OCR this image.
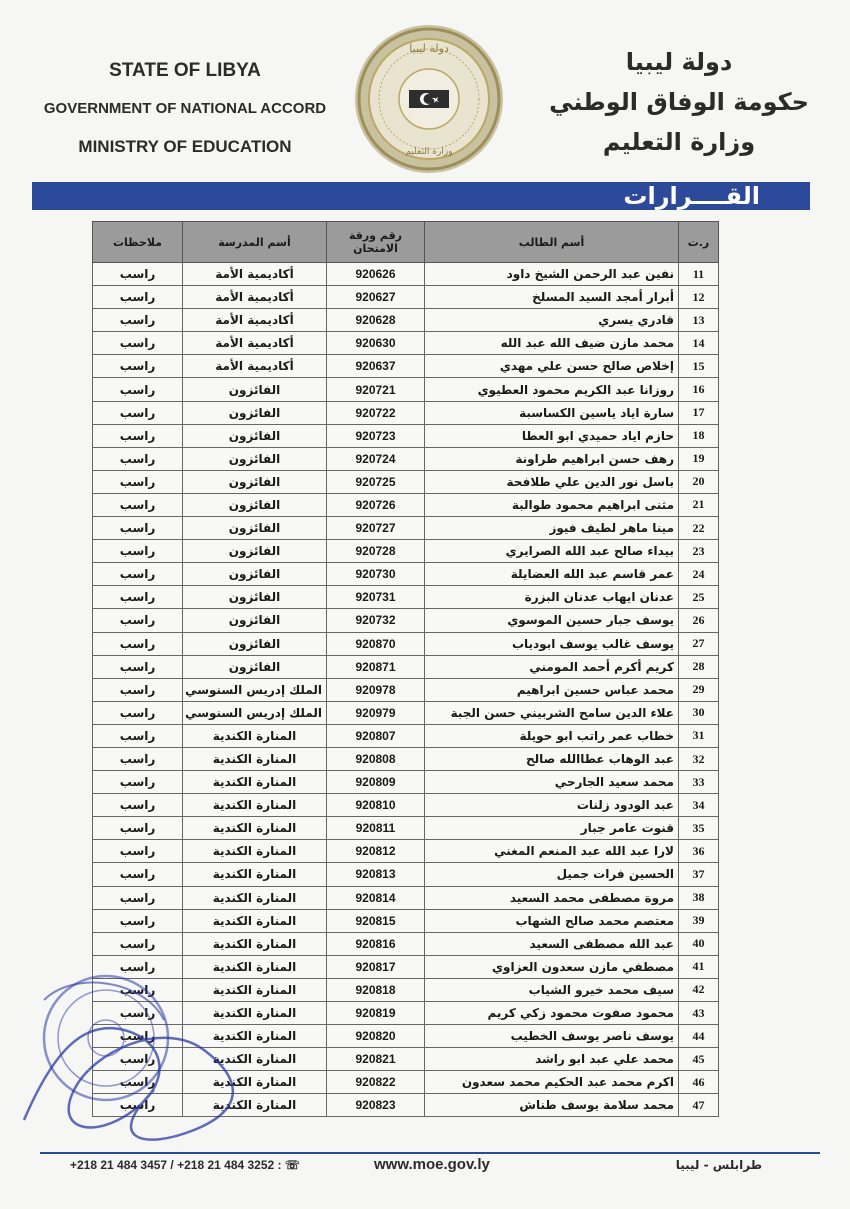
STATE OF LIBYA
GOVERNMENT OF NATIONAL ACCORD
MINISTRY OF EDUCATION
دولة ليبيا
وزارة التعليم
دولة ليبيا
حكومة الوفاق الوطني
وزارة التعليم
القــــرارات
ر.ت	أسم الطالب	رقم ورقة الامتحان	أسم المدرسة	ملاحظات
11	نفين عبد الرحمن الشيخ داود	920626	أكاديمية الأمة	راسب
12	أبرار أمجد السيد المسلخ	920627	أكاديمية الأمة	راسب
13	قادري يسري	920628	أكاديمية الأمة	راسب
14	محمد مازن ضيف الله عبد الله	920630	أكاديمية الأمة	راسب
15	إخلاص صالح حسن علي مهدي	920637	أكاديمية الأمة	راسب
16	روزانا عبد الكريم محمود العطيوي	920721	الفائزون	راسب
17	سارة اياد ياسين الكساسبة	920722	الفائزون	راسب
18	حازم اياد حميدي ابو العطا	920723	الفائزون	راسب
19	رهف حسن ابراهيم طراونة	920724	الفائزون	راسب
20	باسل نور الدين علي طلافحة	920725	الفائزون	راسب
21	مثنى ابراهيم محمود طوالبة	920726	الفائزون	راسب
22	مينا ماهر لطيف فيوز	920727	الفائزون	راسب
23	بيداء صالح عبد الله الصرايري	920728	الفائزون	راسب
24	عمر قاسم عبد الله العضايلة	920730	الفائزون	راسب
25	عدنان ايهاب عدنان البزرة	920731	الفائزون	راسب
26	يوسف جبار حسين الموسوي	920732	الفائزون	راسب
27	يوسف غالب يوسف ابودياب	920870	الفائزون	راسب
28	كريم أكرم أحمد المومني	920871	الفائزون	راسب
29	محمد عباس حسين ابراهيم	920978	الملك إدريس السنوسي	راسب
30	علاء الدين سامح الشربيني حسن الجبة	920979	الملك إدريس السنوسي	راسب
31	خطاب عمر راتب ابو حويلة	920807	المنارة الكندية	راسب
32	عبد الوهاب عطاالله صالح	920808	المنارة الكندية	راسب
33	محمد سعيد الجارحي	920809	المنارة الكندية	راسب
34	عبد الودود زلنات	920810	المنارة الكندية	راسب
35	قنوت عامر جبار	920811	المنارة الكندية	راسب
36	لارا عبد الله عبد المنعم المغني	920812	المنارة الكندية	راسب
37	الحسين فرات جميل	920813	المنارة الكندية	راسب
38	مروة مصطفى محمد السعيد	920814	المنارة الكندية	راسب
39	معتصم محمد صالح الشهاب	920815	المنارة الكندية	راسب
40	عبد الله مصطفى السعيد	920816	المنارة الكندية	راسب
41	مصطفي مازن سعدون العزاوي	920817	المنارة الكندية	راسب
42	سيف محمد خيرو الشياب	920818	المنارة الكندية	راسب
43	محمود صفوت محمود زكي كريم	920819	المنارة الكندية	راسب
44	يوسف ناصر يوسف الخطيب	920820	المنارة الكندية	راسب
45	محمد علي عبد ابو راشد	920821	المنارة الكندية	راسب
46	اكرم محمد عبد الحكيم محمد سعدون	920822	المنارة الكندية	راسب
47	محمد سلامة يوسف طناش	920823	المنارة الكندية	راسب
+218 21 484 3457 / +218 21 484 3252 : ☏	www.moe.gov.ly	طرابلس - ليبيا
